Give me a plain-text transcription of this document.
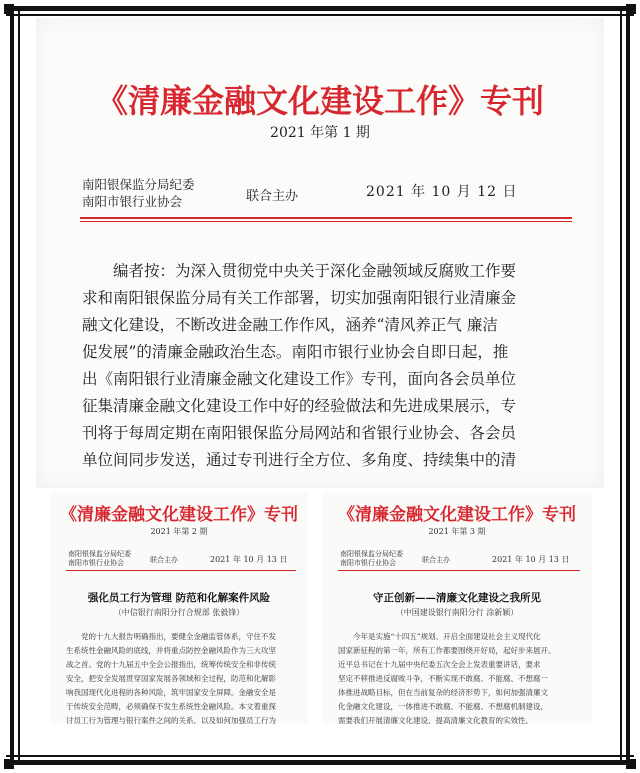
《清廉金融文化建设工作》专刊
2021 年第 1 期
南阳银保监分局纪委
南阳市银行业协会	联合主办	2021 年 10 月 12 日
编者按：为深入贯彻党中央关于深化金融领域反腐败工作要
求和南阳银保监分局有关工作部署，切实加强南阳银行业清廉金
融文化建设，不断改进金融工作作风，涵养“清风养正气 廉洁
促发展”的清廉金融政治生态。南阳市银行业协会自即日起，推
出《南阳银行业清廉金融文化建设工作》专刊，面向各会员单位
征集清廉金融文化建设工作中好的经验做法和先进成果展示，专
刊将于每周定期在南阳银保监分局网站和省银行业协会、各会员
单位间同步发送，通过专刊进行全方位、多角度、持续集中的清
《清廉金融文化建设工作》专刊
2021 年第 2 期
南阳银保监分局纪委
南阳市银行业协会	联合主办	2021 年 10 月 13 日
强化员工行为管理 防范和化解案件风险
（中信银行南阳分行合规部 张毅锋）
党的十九大报告明确指出，要健全金融监管体系，守住不发
生系统性金融风险的底线，并将重点防控金融风险作为三大攻坚
战之首。党的十九届五中全会公报指出，统筹传统安全和非传统
安全，把安全发展贯穿国家发展各领域和全过程，防范和化解影
响我国现代化进程的各种风险，筑牢国家安全屏障。金融安全是
于传统安全范畴，必须确保不发生系统性金融风险。本文着重探
讨员工行为管理与银行案件之间的关系，以及如何加强员工行为
《清廉金融文化建设工作》专刊
2021 年第 3 期
南阳银保监分局纪委
南阳市银行业协会	联合主办	2021 年 10 月 13 日
守正创新——清廉文化建设之我所见
（中国建设银行南阳分行 涂新颖）
今年是实施“十四五”规划、开启全面建设社会主义现代化
国家新征程的第一年，所有工作都要围绕开好局，起好步来展开。
近平总书记在十九届中央纪委五次全会上发表重要讲话，要求
坚定不移推进反腐败斗争，不断实现不敢腐、不能腐、不想腐一
体推进战略目标，但在当前复杂的经济形势下，如何加强清廉文
化金融文化建设，一体推进不敢腐、不能腐、不想腐机制建设，
需要我们开展清廉文化建设，提高清廉文化教育的实效性，
